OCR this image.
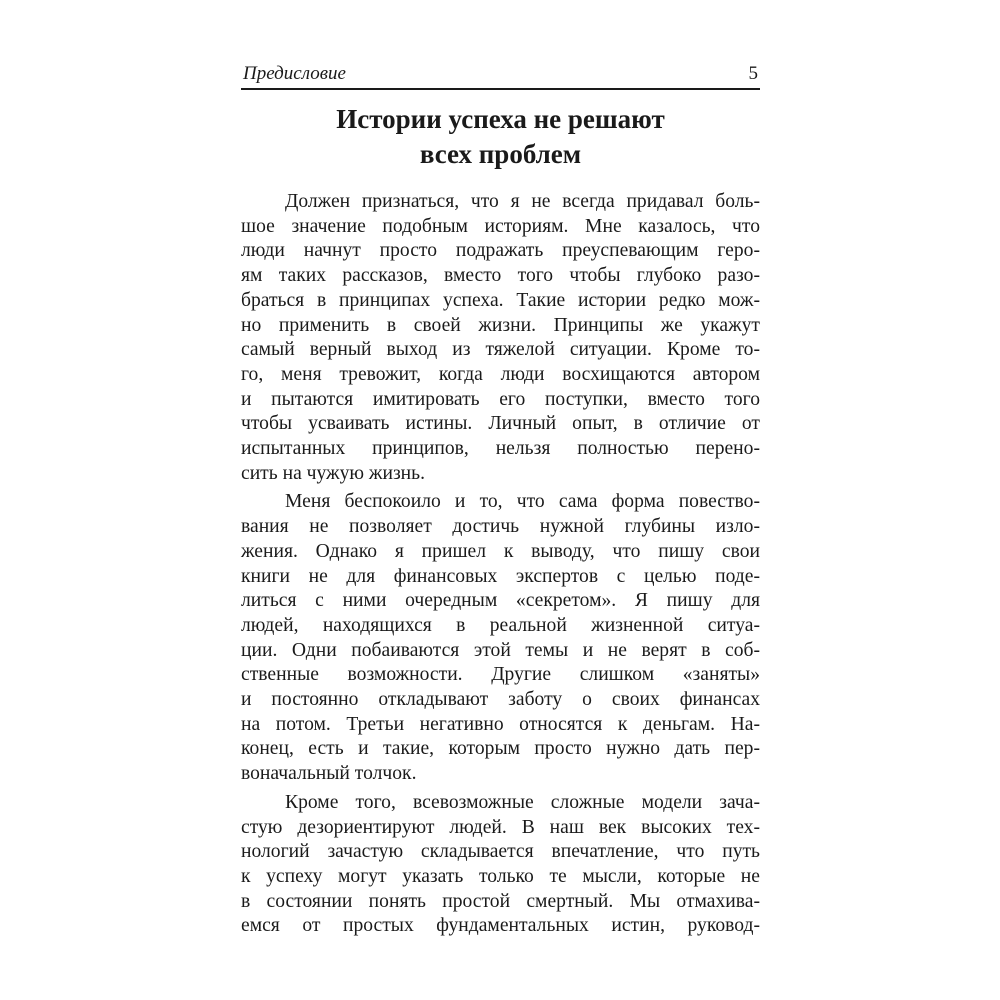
Предисловие	5
Истории успеха не решают
всех проблем
Должен признаться, что я не всегда придавал боль-
шое значение подобным историям. Мне казалось, что
люди начнут просто подражать преуспевающим геро-
ям таких рассказов, вместо того чтобы глубоко разо-
браться в принципах успеха. Такие истории редко мож-
но применить в своей жизни. Принципы же укажут
самый верный выход из тяжелой ситуации. Кроме то-
го, меня тревожит, когда люди восхищаются автором
и пытаются имитировать его поступки, вместо того
чтобы усваивать истины. Личный опыт, в отличие от
испытанных принципов, нельзя полностью перено-
сить на чужую жизнь.
Меня беспокоило и то, что сама форма повество-
вания не позволяет достичь нужной глубины изло-
жения. Однако я пришел к выводу, что пишу свои
книги не для финансовых экспертов с целью поде-
литься с ними очередным «секретом». Я пишу для
людей, находящихся в реальной жизненной ситуа-
ции. Одни побаиваются этой темы и не верят в соб-
ственные возможности. Другие слишком «заняты»
и постоянно откладывают заботу о своих финансах
на потом. Третьи негативно относятся к деньгам. На-
конец, есть и такие, которым просто нужно дать пер-
воначальный толчок.
Кроме того, всевозможные сложные модели зача-
стую дезориентируют людей. В наш век высоких тех-
нологий зачастую складывается впечатление, что путь
к успеху могут указать только те мысли, которые не
в состоянии понять простой смертный. Мы отмахива-
емся от простых фундаментальных истин, руковод-
